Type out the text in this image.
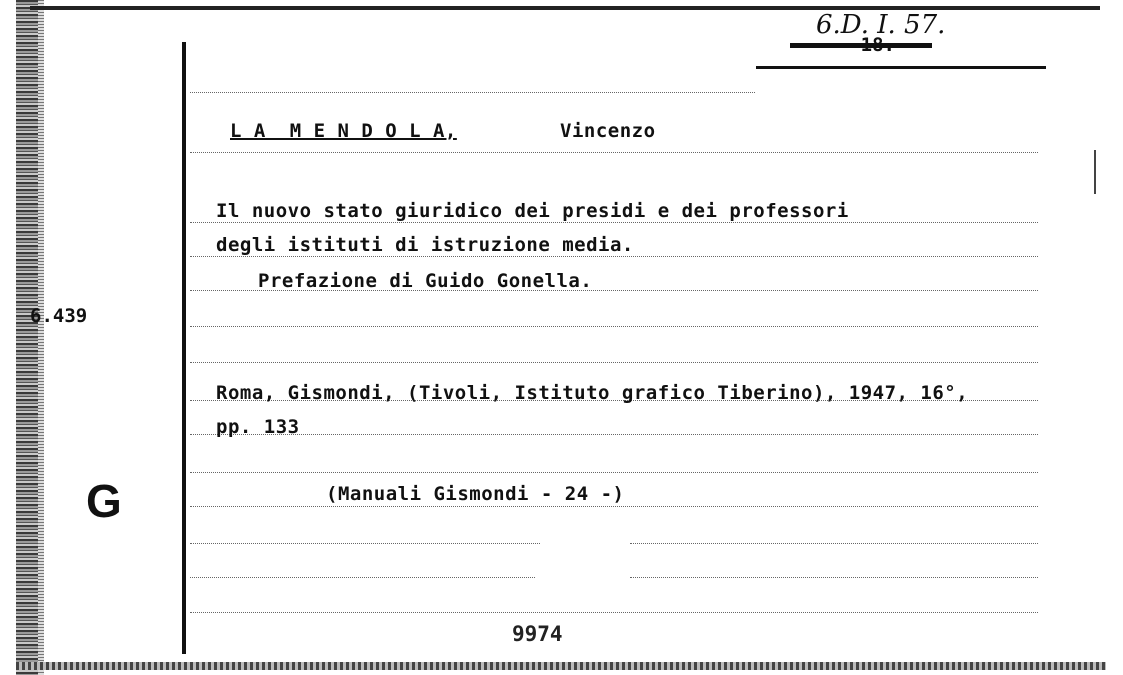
6.D. I. 57.
6.439
G
L A  M E N D O L A,	Vincenzo
Il nuovo stato giuridico dei presidi e dei professori
degli istituti di istruzione media.
Prefazione di Guido Gonella.
Roma, Gismondi, (Tivoli, Istituto grafico Tiberino), 1947, 16°,
pp. 133
(Manuali Gismondi - 24 -)
9974
